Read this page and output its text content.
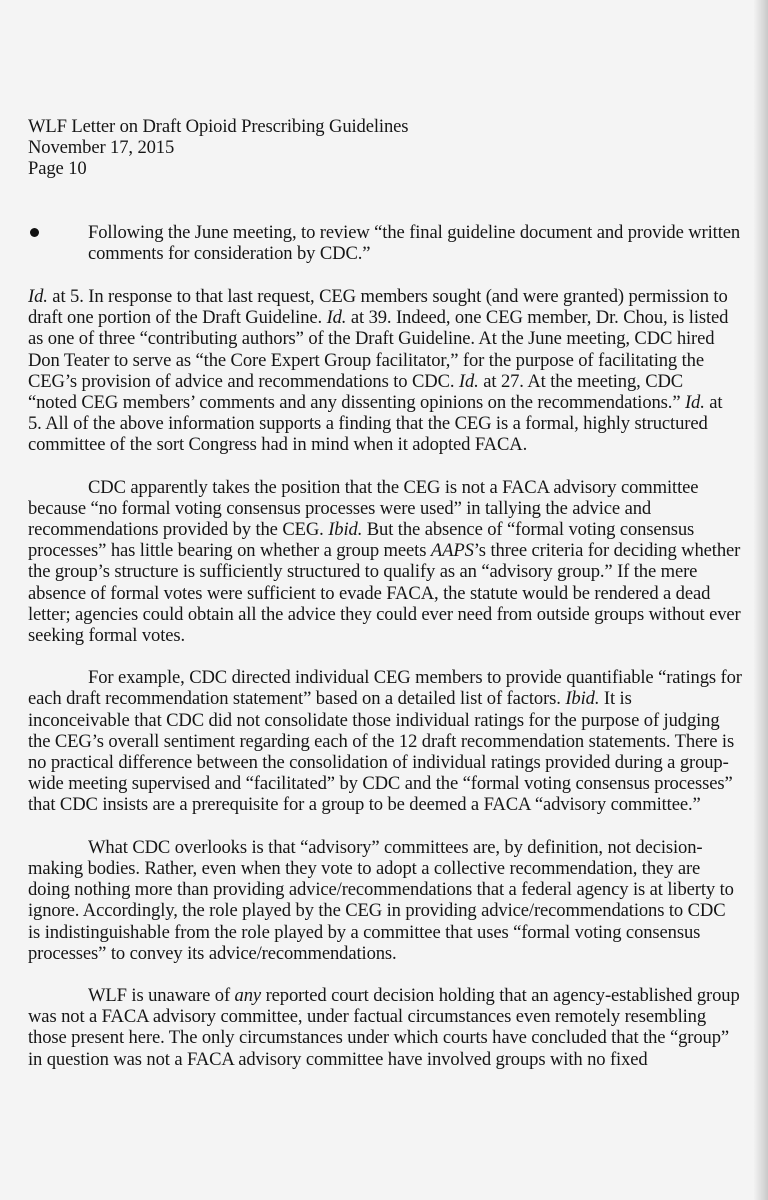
WLF Letter on Draft Opioid Prescribing Guidelines
November 17, 2015
Page 10
Following the June meeting, to review “the final guideline document and provide written
comments for consideration by CDC.”
Id. at 5. In response to that last request, CEG members sought (and were granted) permission to
draft one portion of the Draft Guideline. Id. at 39. Indeed, one CEG member, Dr. Chou, is listed
as one of three “contributing authors” of the Draft Guideline. At the June meeting, CDC hired
Don Teater to serve as “the Core Expert Group facilitator,” for the purpose of facilitating the
CEG’s provision of advice and recommendations to CDC. Id. at 27. At the meeting, CDC
“noted CEG members’ comments and any dissenting opinions on the recommendations.” Id. at
5. All of the above information supports a finding that the CEG is a formal, highly structured
committee of the sort Congress had in mind when it adopted FACA.
CDC apparently takes the position that the CEG is not a FACA advisory committee
because “no formal voting consensus processes were used” in tallying the advice and
recommendations provided by the CEG. Ibid. But the absence of “formal voting consensus
processes” has little bearing on whether a group meets AAPS’s three criteria for deciding whether
the group’s structure is sufficiently structured to qualify as an “advisory group.” If the mere
absence of formal votes were sufficient to evade FACA, the statute would be rendered a dead
letter; agencies could obtain all the advice they could ever need from outside groups without ever
seeking formal votes.
For example, CDC directed individual CEG members to provide quantifiable “ratings for
each draft recommendation statement” based on a detailed list of factors. Ibid. It is
inconceivable that CDC did not consolidate those individual ratings for the purpose of judging
the CEG’s overall sentiment regarding each of the 12 draft recommendation statements. There is
no practical difference between the consolidation of individual ratings provided during a group-
wide meeting supervised and “facilitated” by CDC and the “formal voting consensus processes”
that CDC insists are a prerequisite for a group to be deemed a FACA “advisory committee.”
What CDC overlooks is that “advisory” committees are, by definition, not decision-
making bodies. Rather, even when they vote to adopt a collective recommendation, they are
doing nothing more than providing advice/recommendations that a federal agency is at liberty to
ignore. Accordingly, the role played by the CEG in providing advice/recommendations to CDC
is indistinguishable from the role played by a committee that uses “formal voting consensus
processes” to convey its advice/recommendations.
WLF is unaware of any reported court decision holding that an agency-established group
was not a FACA advisory committee, under factual circumstances even remotely resembling
those present here. The only circumstances under which courts have concluded that the “group”
in question was not a FACA advisory committee have involved groups with no fixed
